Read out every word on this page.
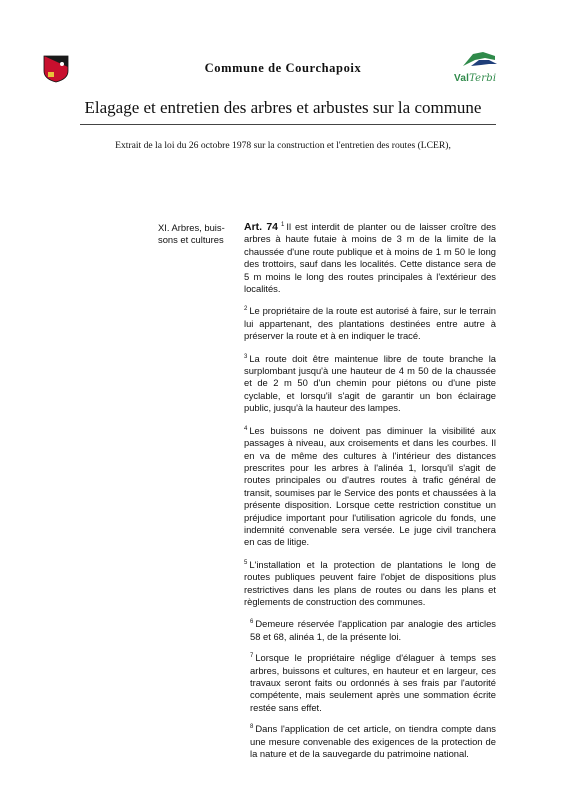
Commune de Courchapoix
ValTerbi
Elagage et entretien des arbres et arbustes sur la commune
Extrait de la loi du 26 octobre 1978 sur la construction et l'entretien des routes (LCER),
XI. Arbres, buis-
sons et cultures

Art. 74 $^1$ Il est interdit de planter ou de laisser croître des arbres à haute futaie à moins de 3 m de la limite de la chaussée d'une route publique et à moins de 1 m 50 le long des trottoirs, sauf dans les localités. Cette distance sera de 5 m moins le long des routes principales à l'extérieur des localités.

$^2$ Le propriétaire de la route est autorisé à faire, sur le terrain lui appartenant, des plantations destinées entre autre à préserver la route et à en indiquer le tracé.

$^3$ La route doit être maintenue libre de toute branche la surplombant jusqu'à une hauteur de 4 m 50 de la chaussée et de 2 m 50 d'un chemin pour piétons ou d'une piste cyclable, et lorsqu'il s'agit de garantir un bon éclairage public, jusqu'à la hauteur des lampes.

$^4$ Les buissons ne doivent pas diminuer la visibilité aux passages à niveau, aux croisements et dans les courbes. Il en va de même des cultures à l'intérieur des distances prescrites pour les arbres à l'alinéa 1, lorsqu'il s'agit de routes principales ou d'autres routes à trafic général de transit, soumises par le Service des ponts et chaussées à la présente disposition. Lorsque cette restriction constitue un préjudice important pour l'utilisation agricole du fonds, une indemnité convenable sera versée. Le juge civil tranchera en cas de litige.

$^5$ L'installation et la protection de plantations le long de routes publiques peuvent faire l'objet de dispositions plus restrictives dans les plans de routes ou dans les plans et règlements de construction des communes.

$^6$ Demeure réservée l'application par analogie des articles 58 et 68, alinéa 1, de la présente loi.

$^7$ Lorsque le propriétaire néglige d'élaguer à temps ses arbres, buissons et cultures, en hauteur et en largeur, ces travaux seront faits ou ordonnés à ses frais par l'autorité compétente, mais seulement après une sommation écrite restée sans effet.

$^8$ Dans l'application de cet article, on tiendra compte dans une mesure convenable des exigences de la protection de la nature et de la sauvegarde du patrimoine national.
